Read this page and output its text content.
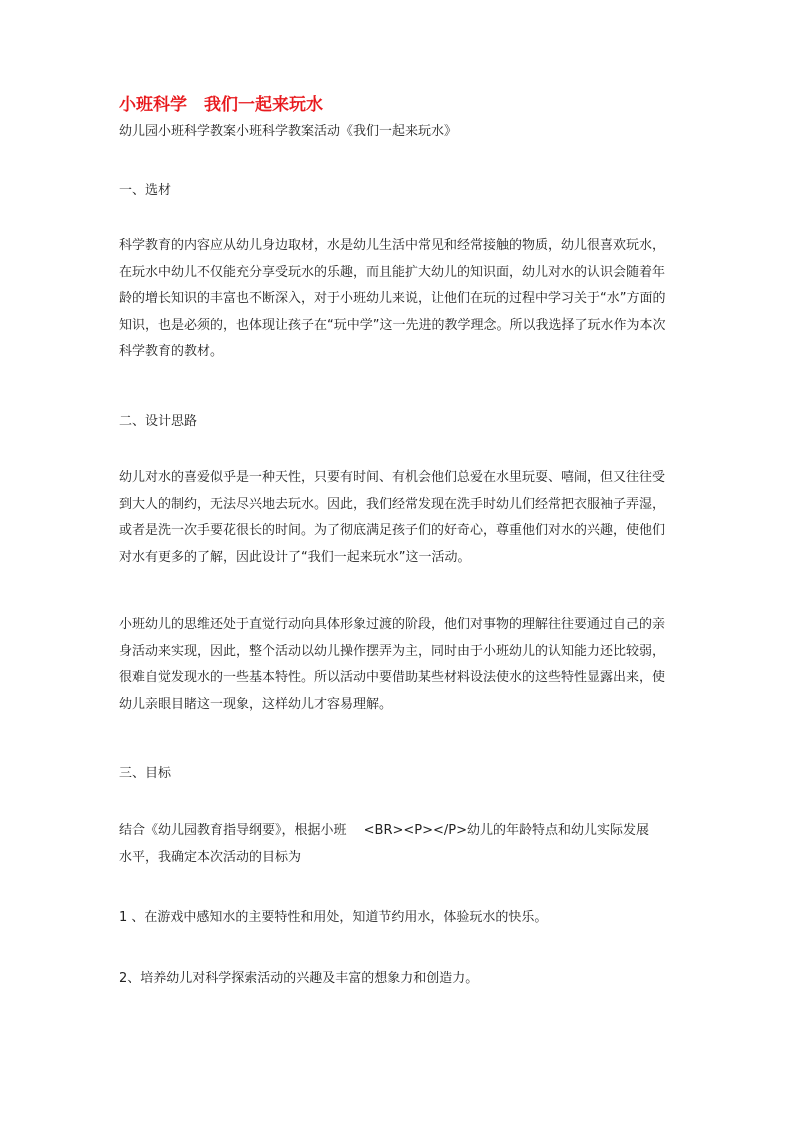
小班科学　我们一起来玩水

幼儿园小班科学教案小班科学教案活动《我们一起来玩水》

一、选材

科学教育的内容应从幼儿身边取材，水是幼儿生活中常见和经常接触的物质，幼儿很喜欢玩水，
在玩水中幼儿不仅能充分享受玩水的乐趣，而且能扩大幼儿的知识面，幼儿对水的认识会随着年
龄的增长知识的丰富也不断深入，对于小班幼儿来说，让他们在玩的过程中学习关于“水”方面的
知识，也是必须的，也体现让孩子在“玩中学”这一先进的教学理念。所以我选择了玩水作为本次
科学教育的教材。

二、设计思路

幼儿对水的喜爱似乎是一种天性，只要有时间、有机会他们总爱在水里玩耍、嘻闹，但又往往受
到大人的制约，无法尽兴地去玩水。因此，我们经常发现在洗手时幼儿们经常把衣服袖子弄湿，
或者是洗一次手要花很长的时间。为了彻底满足孩子们的好奇心，尊重他们对水的兴趣，使他们
对水有更多的了解，因此设计了“我们一起来玩水”这一活动。

小班幼儿的思维还处于直觉行动向具体形象过渡的阶段，他们对事物的理解往往要通过自己的亲
身活动来实现，因此，整个活动以幼儿操作摆弄为主，同时由于小班幼儿的认知能力还比较弱，
很难自觉发现水的一些基本特性。所以活动中要借助某些材料设法使水的这些特性显露出来，使
幼儿亲眼目睹这一现象，这样幼儿才容易理解。

三、目标

结合《幼儿园教育指导纲要》，根据小班　 <BR><P></P>幼儿的年龄特点和幼儿实际发展
水平，我确定本次活动的目标为

1 、在游戏中感知水的主要特性和用处，知道节约用水，体验玩水的快乐。

2、培养幼儿对科学探索活动的兴趣及丰富的想象力和创造力。
